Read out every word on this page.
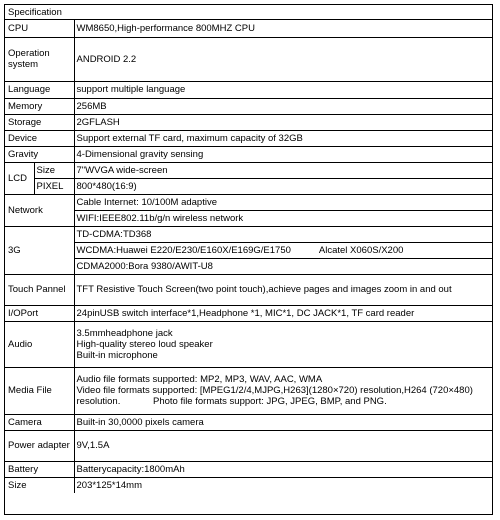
Specification
CPU		WM8650,High-performance 800MHZ CPU
Operation system		ANDROID 2.2
Language		support multiple language
Memory		256MB
Storage		2GFLASH
Device		Support external TF card, maximum capacity of 32GB
Gravity		4-Dimensional gravity sensing
LCD	Size	7"WVGA wide-screen
	PIXEL	800*480(16:9)
Network		Cable Internet: 10/100M adaptive
		WIFI:IEEE802.11b/g/n wireless network
3G		TD-CDMA:TD368
		WCDMA:Huawei E220/E230/E160X/E169G/E1750 Alcatel X060S/X200
		CDMA2000:Bora 9380/AWIT-U8
Touch Pannel		TFT Resistive Touch Screen(two point touch),achieve pages and images zoom in and out
I/OPort		24pinUSB switch interface*1,Headphone *1, MIC*1, DC JACK*1, TF card reader
Audio		3.5mmheadphone jack
High-quality stereo loud speaker
Built-in microphone

Media File		Audio file formats supported: MP2, MP3, WAV, AAC, WMA
Video file formats supported: [MPEG1/2/4,MJPG,H263](1280×720) resolution,H264 (720×480) resolution. Photo file formats support: JPG, JPEG, BMP, and PNG.
Camera		Built-in 30,0000 pixels camera
Power adapter		9V,1.5A
Battery		Batterycapacity:1800mAh
Size		203*125*14mm
